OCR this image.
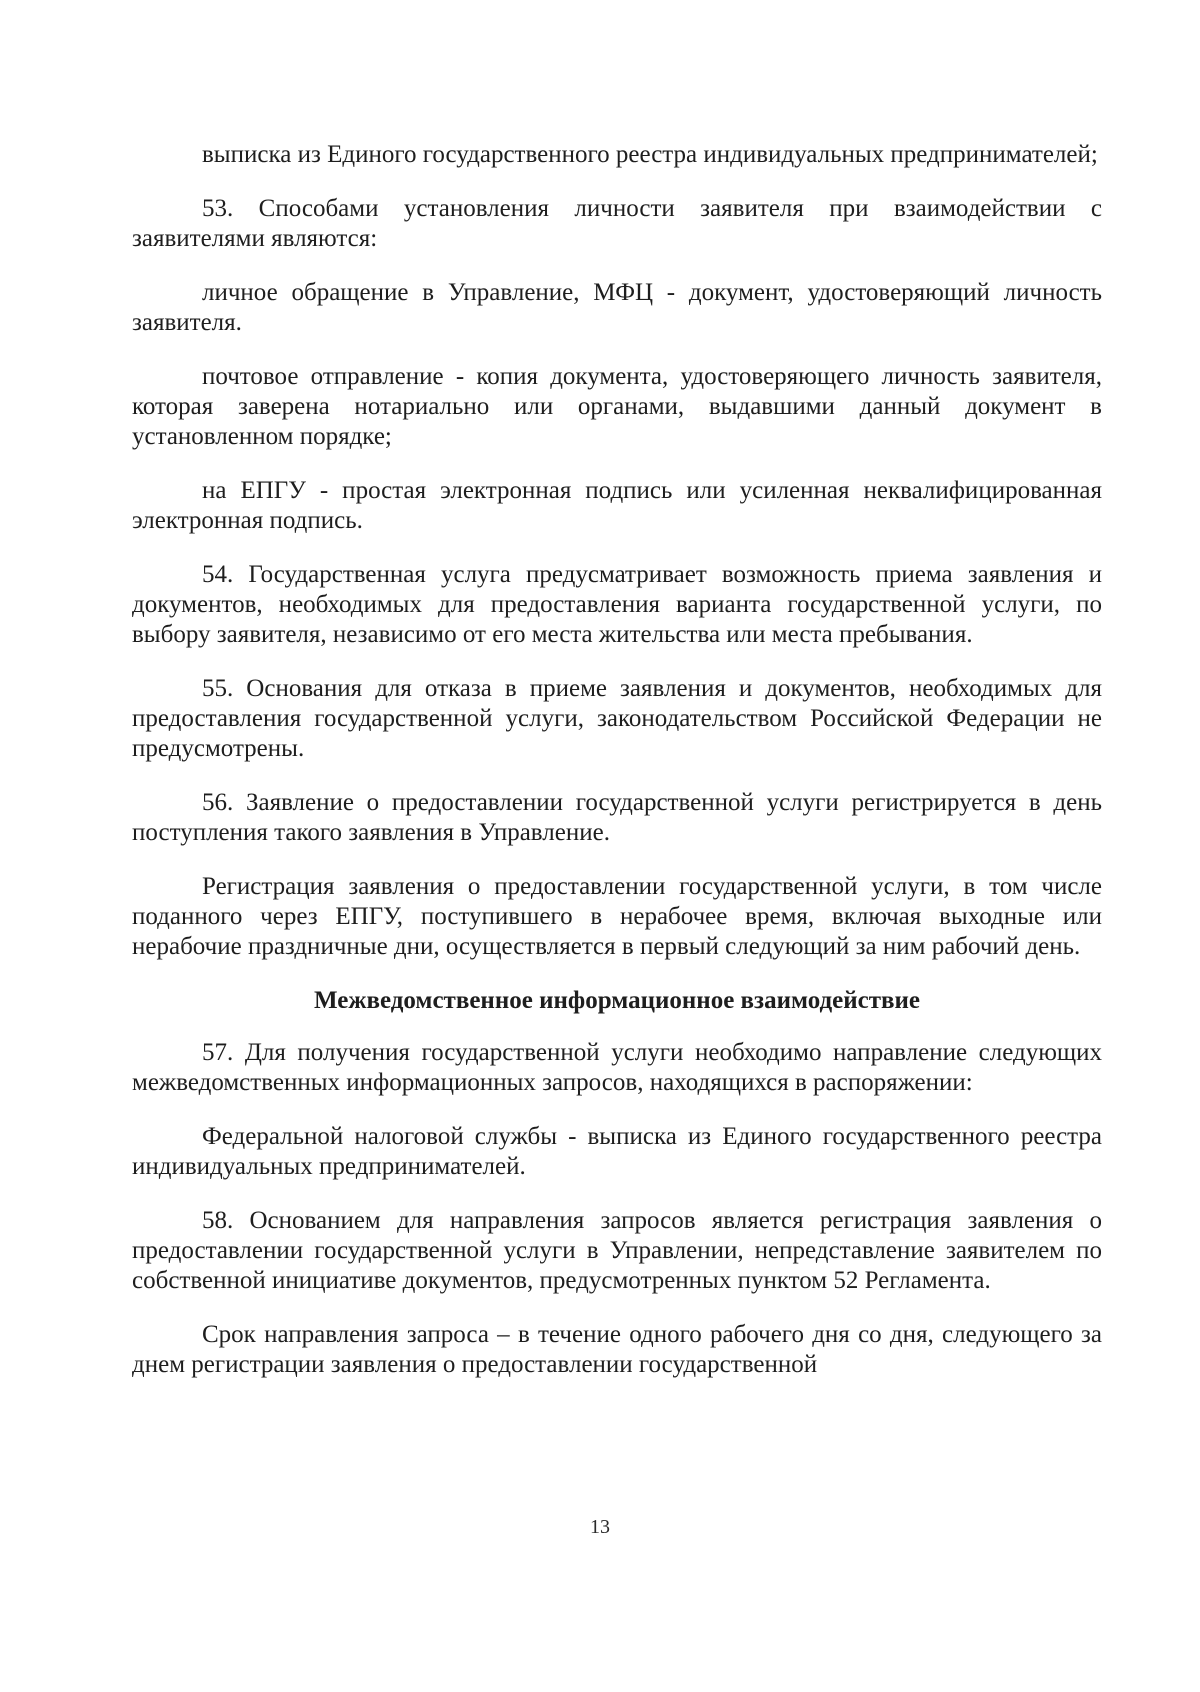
выписка из Единого государственного реестра индивидуальных предпринимателей;

53. Способами установления личности заявителя при взаимодействии с заявителями являются:

личное обращение в Управление, МФЦ - документ, удостоверяющий личность заявителя.

почтовое отправление - копия документа, удостоверяющего личность заявителя, которая заверена нотариально или органами, выдавшими данный документ в установленном порядке;

на ЕПГУ - простая электронная подпись или усиленная неквалифицированная электронная подпись.

54. Государственная услуга предусматривает возможность приема заявления и документов, необходимых для предоставления варианта государственной услуги, по выбору заявителя, независимо от его места жительства или места пребывания.

55. Основания для отказа в приеме заявления и документов, необходимых для предоставления государственной услуги, законодательством Российской Федерации не предусмотрены.

56. Заявление о предоставлении государственной услуги регистрируется в день поступления такого заявления в Управление.

Регистрация заявления о предоставлении государственной услуги, в том числе поданного через ЕПГУ, поступившего в нерабочее время, включая выходные или нерабочие праздничные дни, осуществляется в первый следующий за ним рабочий день.

Межведомственное информационное взаимодействие

57. Для получения государственной услуги необходимо направление следующих межведомственных информационных запросов, находящихся в распоряжении:

Федеральной налоговой службы - выписка из Единого государственного реестра индивидуальных предпринимателей.

58. Основанием для направления запросов является регистрация заявления о предоставлении государственной услуги в Управлении, непредставление заявителем по собственной инициативе документов, предусмотренных пунктом 52 Регламента.

Срок направления запроса – в течение одного рабочего дня со дня, следующего за днем регистрации заявления о предоставлении государственной

13
